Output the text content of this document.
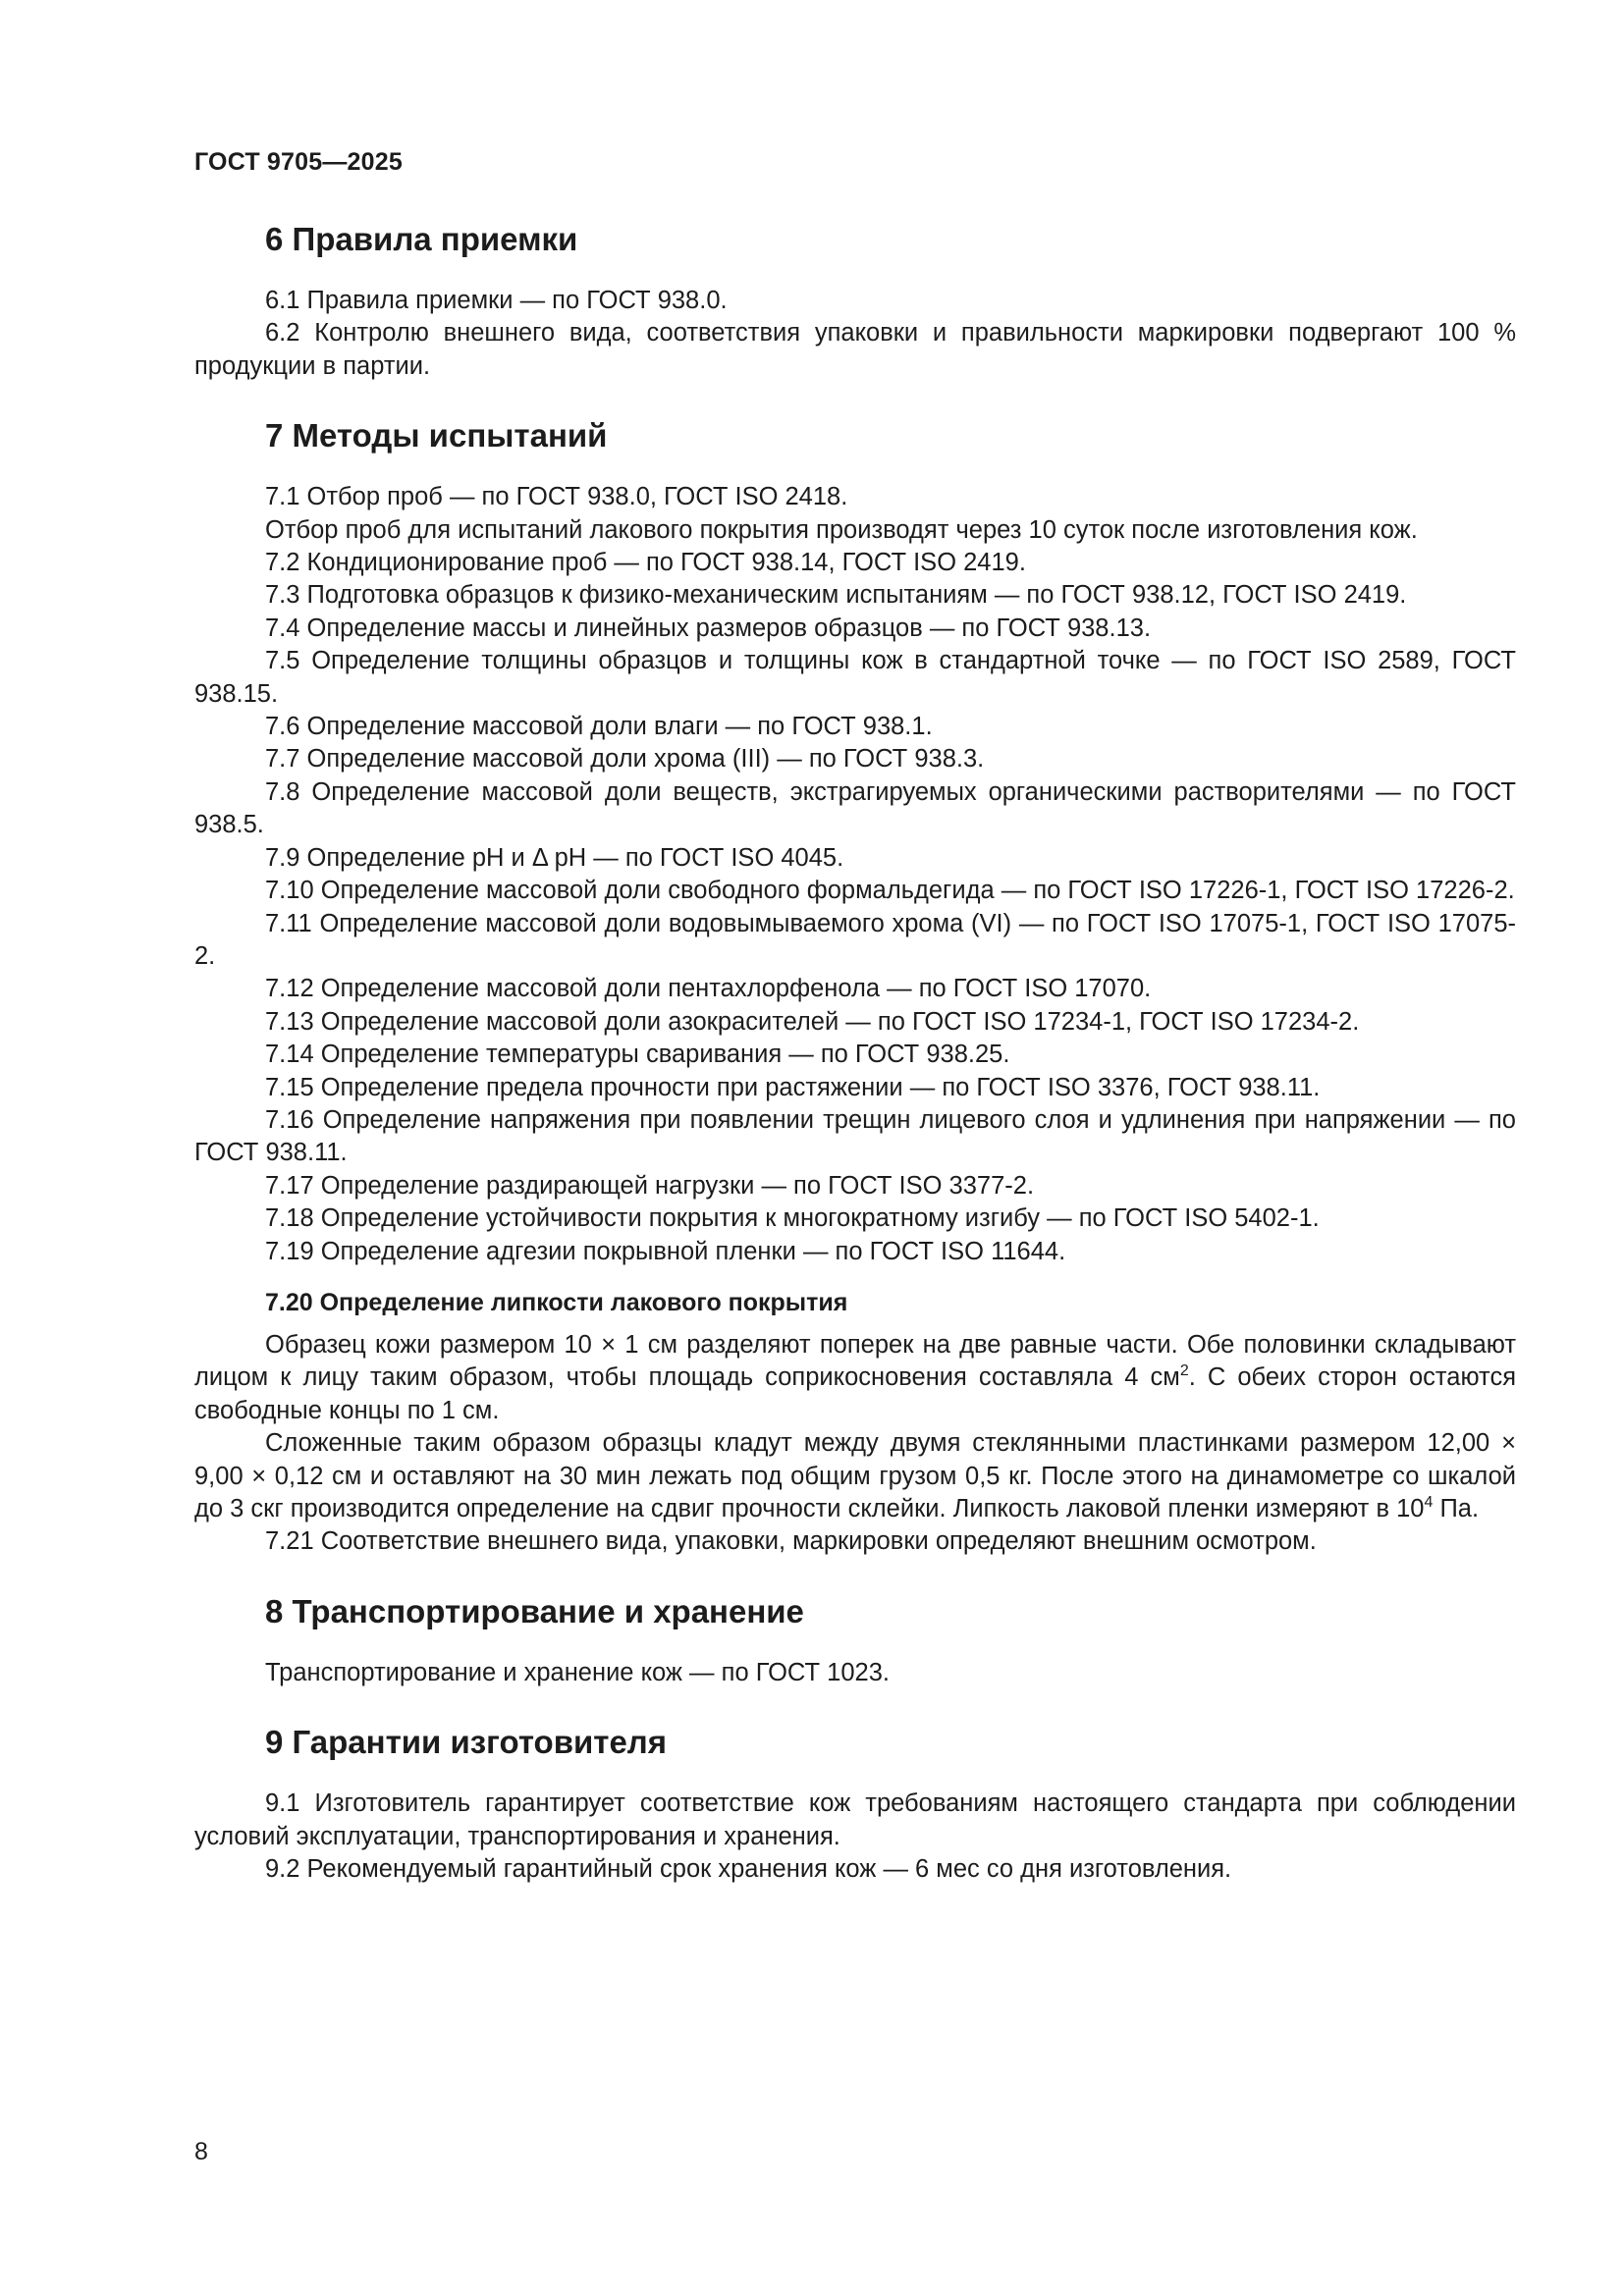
ГОСТ 9705—2025
6 Правила приемки

6.1 Правила приемки — по ГОСТ 938.0.

6.2 Контролю внешнего вида, соответствия упаковки и правильности маркировки подвергают 100 % продукции в партии.

7 Методы испытаний

7.1 Отбор проб — по ГОСТ 938.0, ГОСТ ISO 2418.

Отбор проб для испытаний лакового покрытия производят через 10 суток после изготовления кож.

7.2 Кондиционирование проб — по ГОСТ 938.14, ГОСТ ISO 2419.

7.3 Подготовка образцов к физико-механическим испытаниям — по ГОСТ 938.12, ГОСТ ISO 2419.

7.4 Определение массы и линейных размеров образцов — по ГОСТ 938.13.

7.5 Определение толщины образцов и толщины кож в стандартной точке — по ГОСТ ISO 2589, ГОСТ 938.15.

7.6 Определение массовой доли влаги — по ГОСТ 938.1.

7.7 Определение массовой доли хрома (III) — по ГОСТ 938.3.

7.8 Определение массовой доли веществ, экстрагируемых органическими растворителями — по ГОСТ 938.5.

7.9 Определение pH и Δ pH — по ГОСТ ISO 4045.

7.10 Определение массовой доли свободного формальдегида — по ГОСТ ISO 17226-1, ГОСТ ISO 17226-2.

7.11 Определение массовой доли водовымываемого хрома (VI) — по ГОСТ ISO 17075-1, ГОСТ ISO 17075-2.

7.12 Определение массовой доли пентахлорфенола — по ГОСТ ISO 17070.

7.13 Определение массовой доли азокрасителей — по ГОСТ ISO 17234-1, ГОСТ ISO 17234-2.

7.14 Определение температуры сваривания — по ГОСТ 938.25.

7.15 Определение предела прочности при растяжении — по ГОСТ ISO 3376, ГОСТ 938.11.

7.16 Определение напряжения при появлении трещин лицевого слоя и удлинения при напряжении — по ГОСТ 938.11.

7.17 Определение раздирающей нагрузки — по ГОСТ ISO 3377-2.

7.18 Определение устойчивости покрытия к многократному изгибу — по ГОСТ ISO 5402-1.

7.19 Определение адгезии покрывной пленки — по ГОСТ ISO 11644.

7.20 Определение липкости лакового покрытия

Образец кожи размером 10 × 1 см разделяют поперек на две равные части. Обе половинки складывают лицом к лицу таким образом, чтобы площадь соприкосновения составляла 4 $см^2$. С обеих сторон остаются свободные концы по 1 см.

Сложенные таким образом образцы кладут между двумя стеклянными пластинками размером 12,00 × 9,00 × 0,12 см и оставляют на 30 мин лежать под общим грузом 0,5 кг. После этого на динамометре со шкалой до 3 скг производится определение на сдвиг прочности склейки. Липкость лаковой пленки измеряют в $10^4$ Па.

7.21 Соответствие внешнего вида, упаковки, маркировки определяют внешним осмотром.

8 Транспортирование и хранение

Транспортирование и хранение кож — по ГОСТ 1023.

9 Гарантии изготовителя

9.1 Изготовитель гарантирует соответствие кож требованиям настоящего стандарта при соблюдении условий эксплуатации, транспортирования и хранения.

9.2 Рекомендуемый гарантийный срок хранения кож — 6 мес со дня изготовления.

8
